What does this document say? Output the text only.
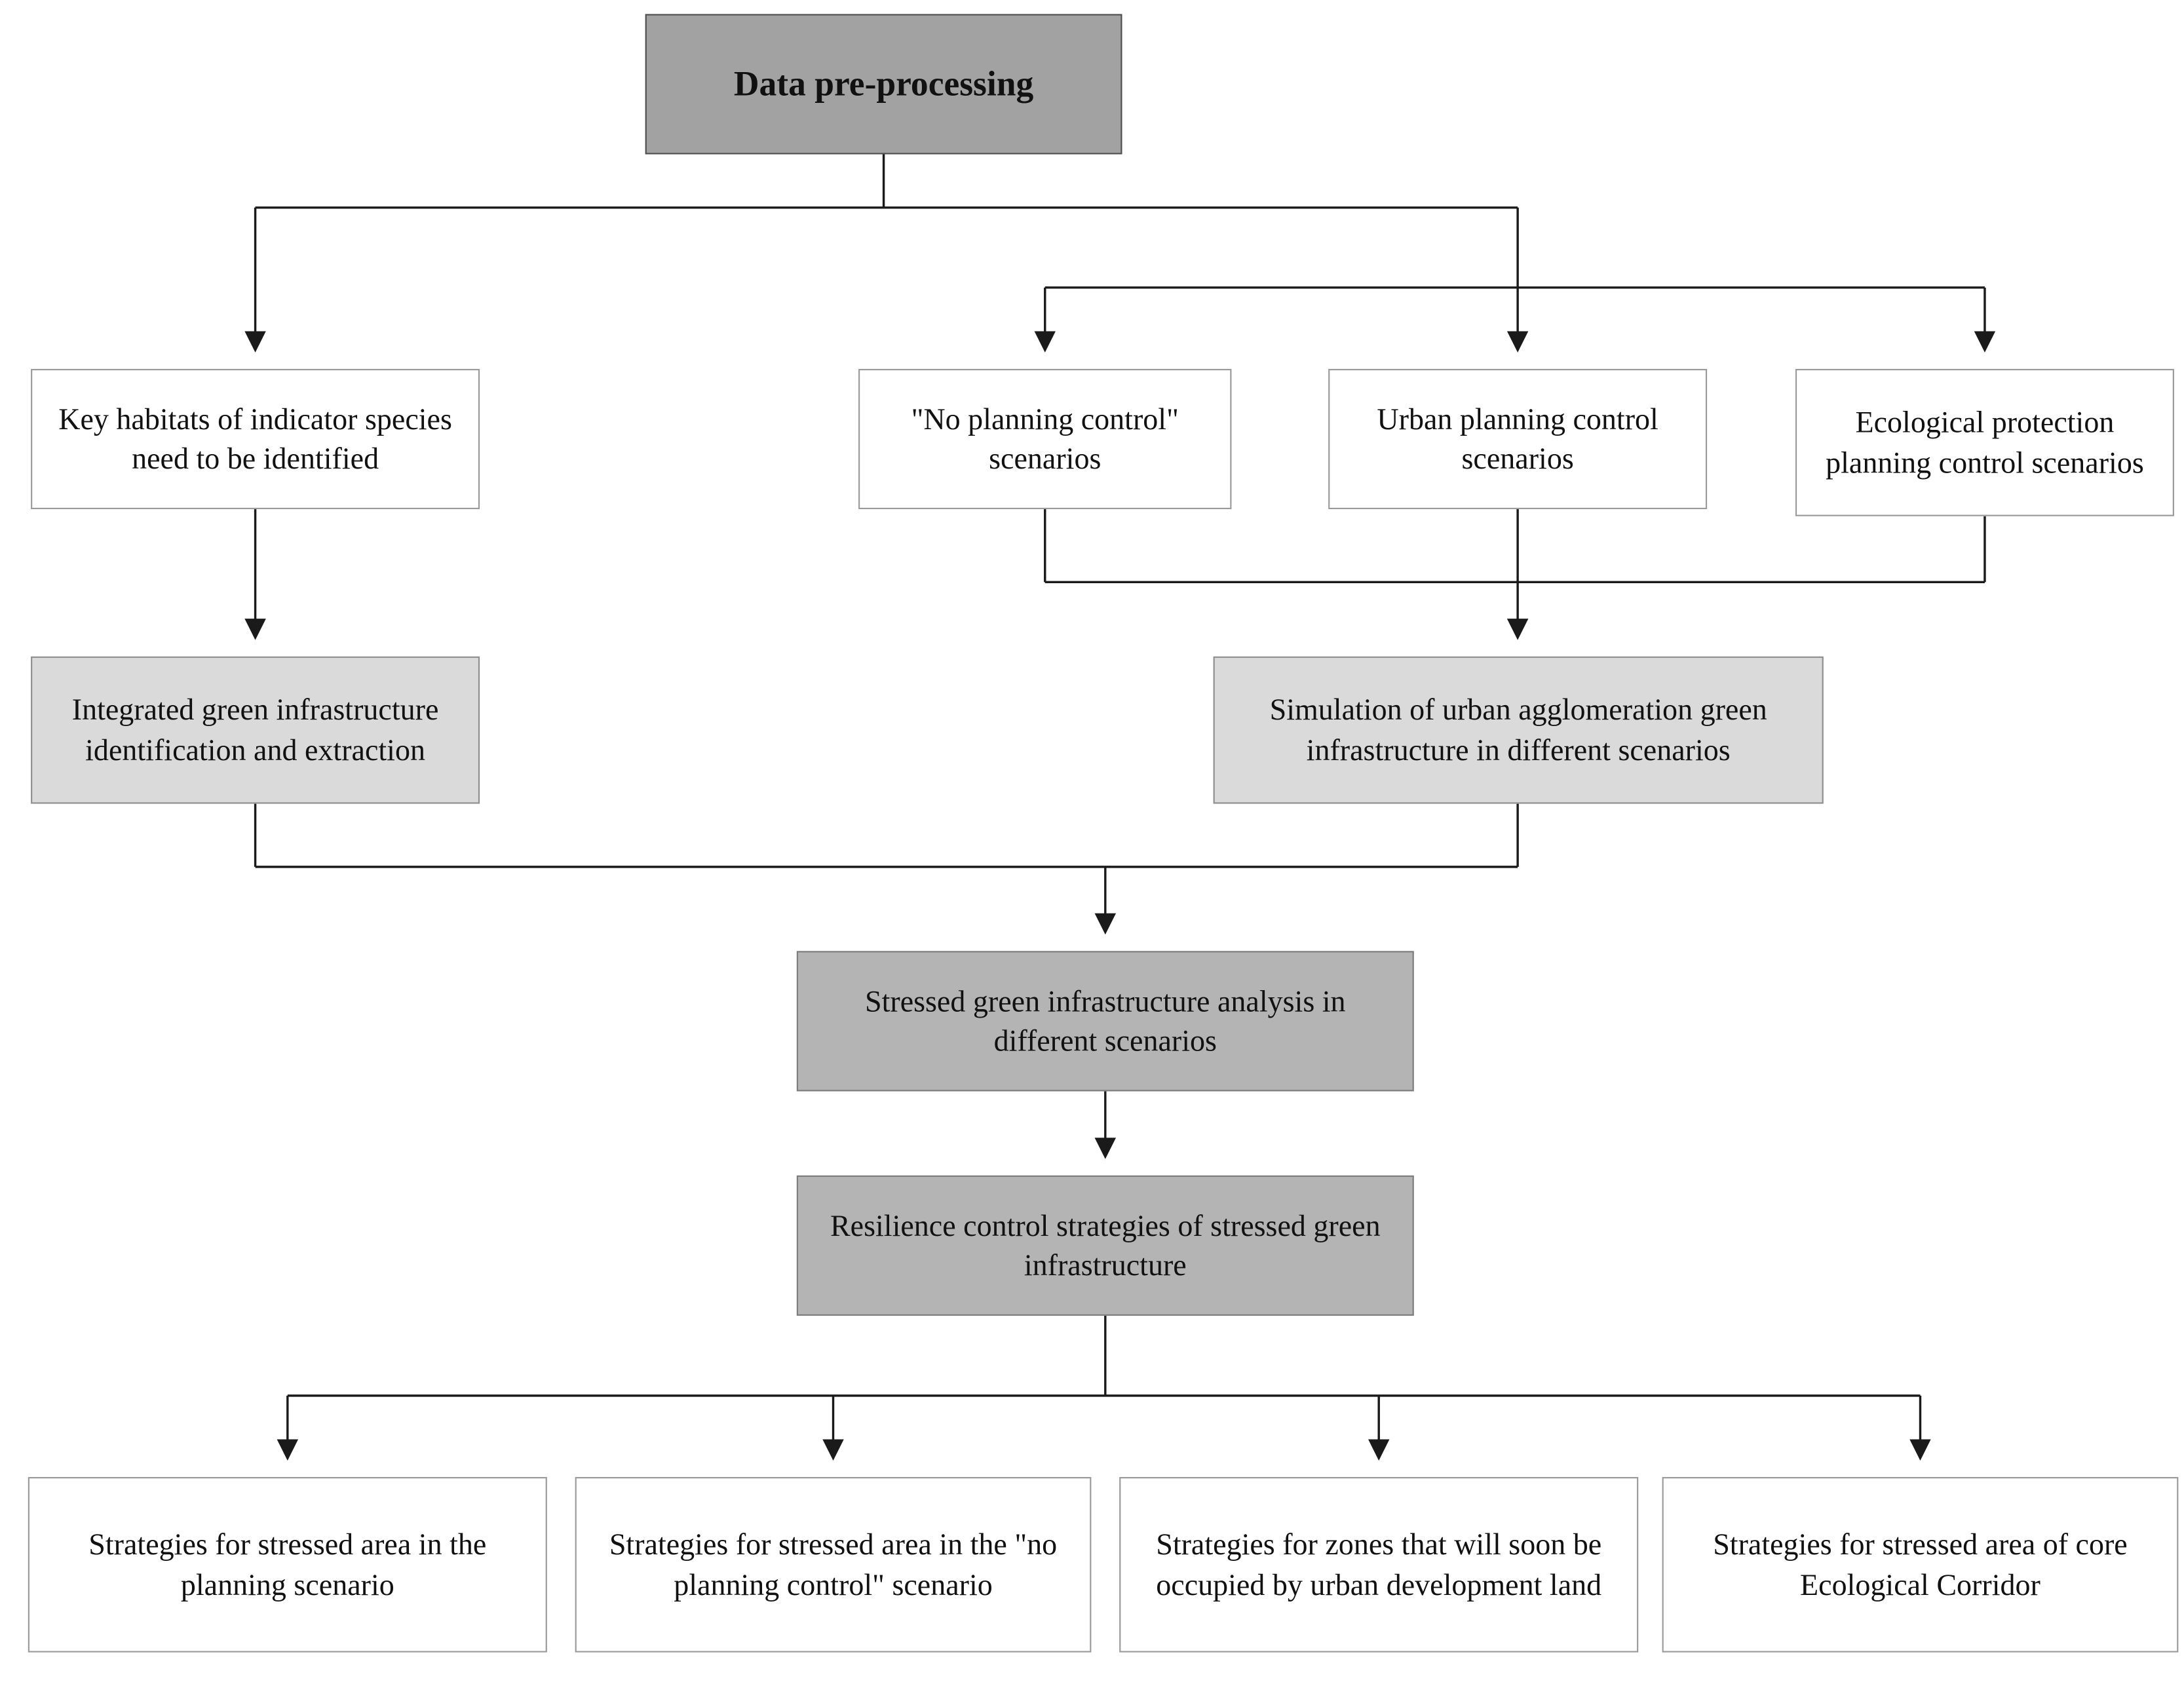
Data pre-processing
Key habitats of indicator species need to be identified
"No planning control" scenarios
Urban planning control scenarios
Ecological protection planning control scenarios
Integrated green infrastructure identification and extraction
Simulation of urban agglomeration green infrastructure in different scenarios
Stressed green infrastructure analysis in different scenarios
Resilience control strategies of stressed green infrastructure
Strategies for stressed area in the planning scenario
Strategies for stressed area in the "no planning control" scenario
Strategies for zones that will soon be occupied by urban development land
Strategies for stressed area of core Ecological Corridor
